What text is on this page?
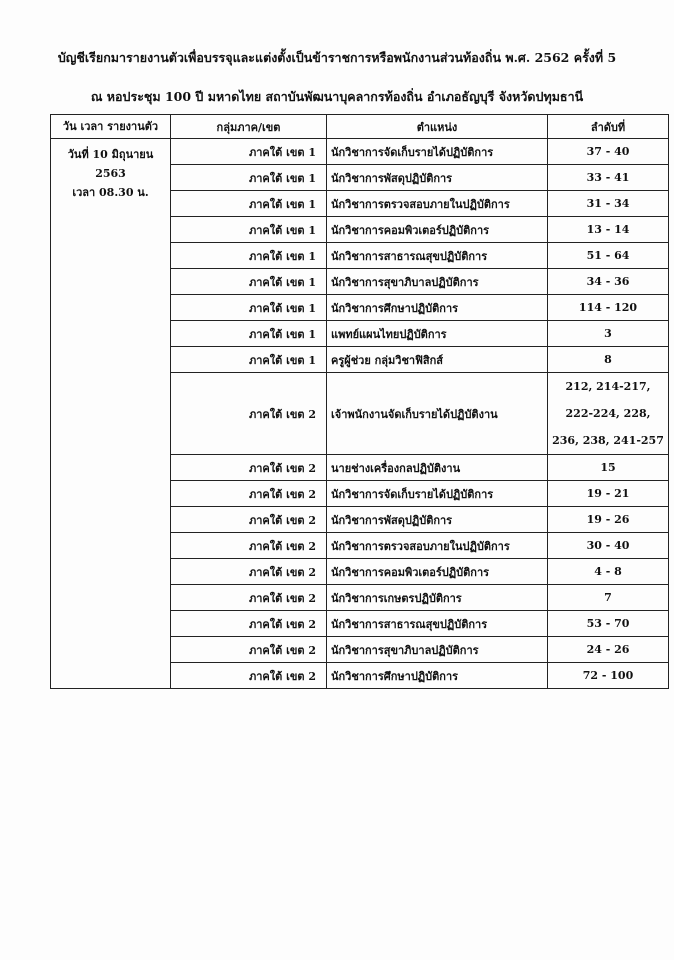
บัญชีเรียกมารายงานตัวเพื่อบรรจุและแต่งตั้งเป็นข้าราชการหรือพนักงานส่วนท้องถิ่น พ.ศ. 2562 ครั้งที่ 5
ณ หอประชุม 100 ปี มหาดไทย สถาบันพัฒนาบุคลากรท้องถิ่น อำเภอธัญบุรี จังหวัดปทุมธานี
วัน เวลา รายงานตัว	กลุ่มภาค/เขต	ตำแหน่ง	ลำดับที่

วันที่ 10 มิถุนายน 2563
เวลา 08.30 น.	ภาคใต้ เขต 1	นักวิชาการจัดเก็บรายได้ปฏิบัติการ	37 - 40
	ภาคใต้ เขต 1	นักวิชาการพัสดุปฏิบัติการ	33 - 41
	ภาคใต้ เขต 1	นักวิชาการตรวจสอบภายในปฏิบัติการ	31 - 34
	ภาคใต้ เขต 1	นักวิชาการคอมพิวเตอร์ปฏิบัติการ	13 - 14
	ภาคใต้ เขต 1	นักวิชาการสาธารณสุขปฏิบัติการ	51 - 64
	ภาคใต้ เขต 1	นักวิชาการสุขาภิบาลปฏิบัติการ	34 - 36
	ภาคใต้ เขต 1	นักวิชาการศึกษาปฏิบัติการ	114 - 120
	ภาคใต้ เขต 1	แพทย์แผนไทยปฏิบัติการ	3
	ภาคใต้ เขต 1	ครูผู้ช่วย กลุ่มวิชาฟิสิกส์	8
	ภาคใต้ เขต 2	เจ้าพนักงานจัดเก็บรายได้ปฏิบัติงาน	212, 214-217,
222-224, 228,
236, 238, 241-257

	ภาคใต้ เขต 2	นายช่างเครื่องกลปฏิบัติงาน	15
	ภาคใต้ เขต 2	นักวิชาการจัดเก็บรายได้ปฏิบัติการ	19 - 21
	ภาคใต้ เขต 2	นักวิชาการพัสดุปฏิบัติการ	19 - 26
	ภาคใต้ เขต 2	นักวิชาการตรวจสอบภายในปฏิบัติการ	30 - 40
	ภาคใต้ เขต 2	นักวิชาการคอมพิวเตอร์ปฏิบัติการ	4 - 8
	ภาคใต้ เขต 2	นักวิชาการเกษตรปฏิบัติการ	7
	ภาคใต้ เขต 2	นักวิชาการสาธารณสุขปฏิบัติการ	53 - 70
	ภาคใต้ เขต 2	นักวิชาการสุขาภิบาลปฏิบัติการ	24 - 26
	ภาคใต้ เขต 2	นักวิชาการศึกษาปฏิบัติการ	72 - 100
